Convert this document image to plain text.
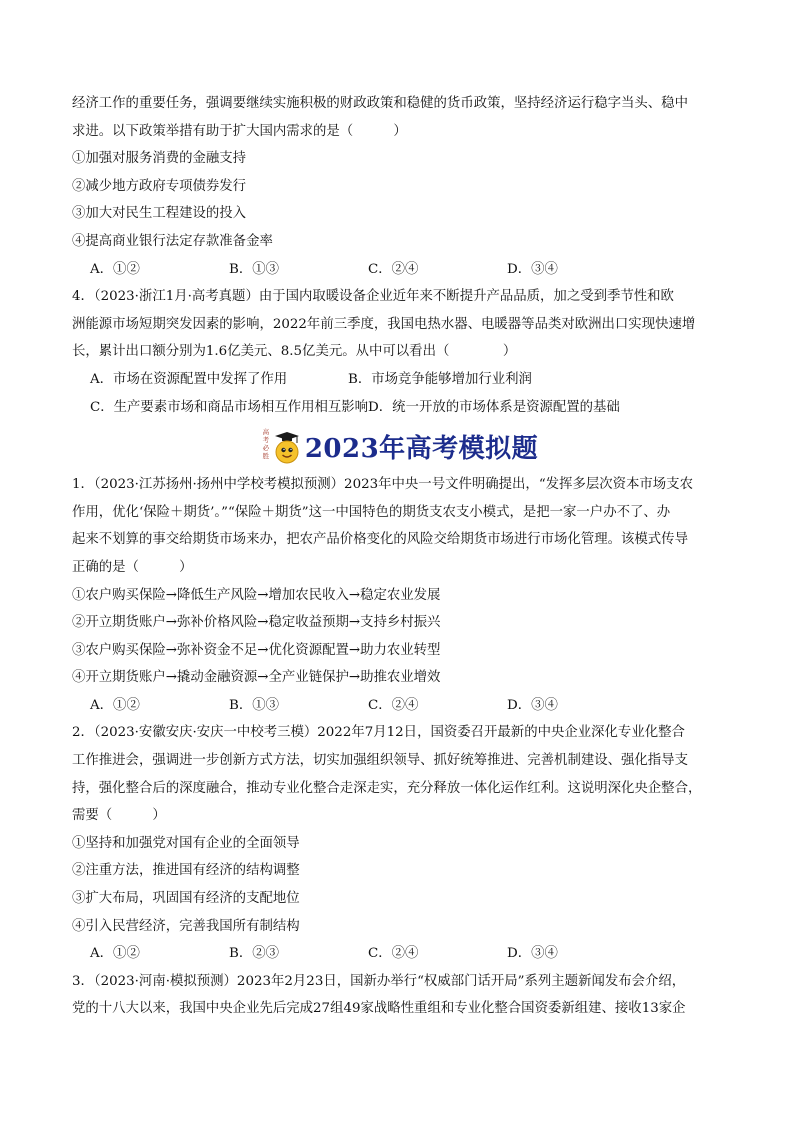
经济工作的重要任务，强调要继续实施积极的财政政策和稳健的货币政策，坚持经济运行稳字当头、稳中

求进。以下政策举措有助于扩大国内需求的是（　　　）

①加强对服务消费的金融支持

②减少地方政府专项债券发行

③加大对民生工程建设的投入

④提高商业银行法定存款准备金率

A．①②	B．①③	C．②④	D．③④

4．（2023·浙江1月·高考真题）由于国内取暖设备企业近年来不断提升产品品质，加之受到季节性和欧

洲能源市场短期突发因素的影响，2022年前三季度，我国电热水器、电暖器等品类对欧洲出口实现快速增

长，累计出口额分别为1.6亿美元、8.5亿美元。从中可以看出（　　　　）

A．市场在资源配置中发挥了作用	B．市场竞争能够增加行业利润
C．生产要素市场和商品市场相互作用相互影响D．统一开放的市场体系是资源配置的基础
高考必胜 2023年高考模拟题

1．（2023·江苏扬州·扬州中学校考模拟预测）2023年中央一号文件明确提出，“发挥多层次资本市场支农

作用，优化‘保险＋期货’。”“保险＋期货”这一中国特色的期货支农支小模式，是把一家一户办不了、办

起来不划算的事交给期货市场来办，把农产品价格变化的风险交给期货市场进行市场化管理。该模式传导

正确的是（　　　）

①农户购买保险→降低生产风险→增加农民收入→稳定农业发展

②开立期货账户→弥补价格风险→稳定收益预期→支持乡村振兴

③农户购买保险→弥补资金不足→优化资源配置→助力农业转型

④开立期货账户→撬动金融资源→全产业链保护→助推农业增效

A．①②	B．①③	C．②④	D．③④

2．（2023·安徽安庆·安庆一中校考三模）2022年7月12日，国资委召开最新的中央企业深化专业化整合

工作推进会，强调进一步创新方式方法，切实加强组织领导、抓好统筹推进、完善机制建设、强化指导支

持，强化整合后的深度融合，推动专业化整合走深走实，充分释放一体化运作红利。这说明深化央企整合，

需要（　　　）

①坚持和加强党对国有企业的全面领导

②注重方法，推进国有经济的结构调整

③扩大布局，巩固国有经济的支配地位

④引入民营经济，完善我国所有制结构

A．①②	B．②③	C．②④	D．③④

3．（2023·河南·模拟预测）2023年2月23日，国新办举行“权威部门话开局”系列主题新闻发布会介绍，

党的十八大以来，我国中央企业先后完成27组49家战略性重组和专业化整合国资委新组建、接收13家企
